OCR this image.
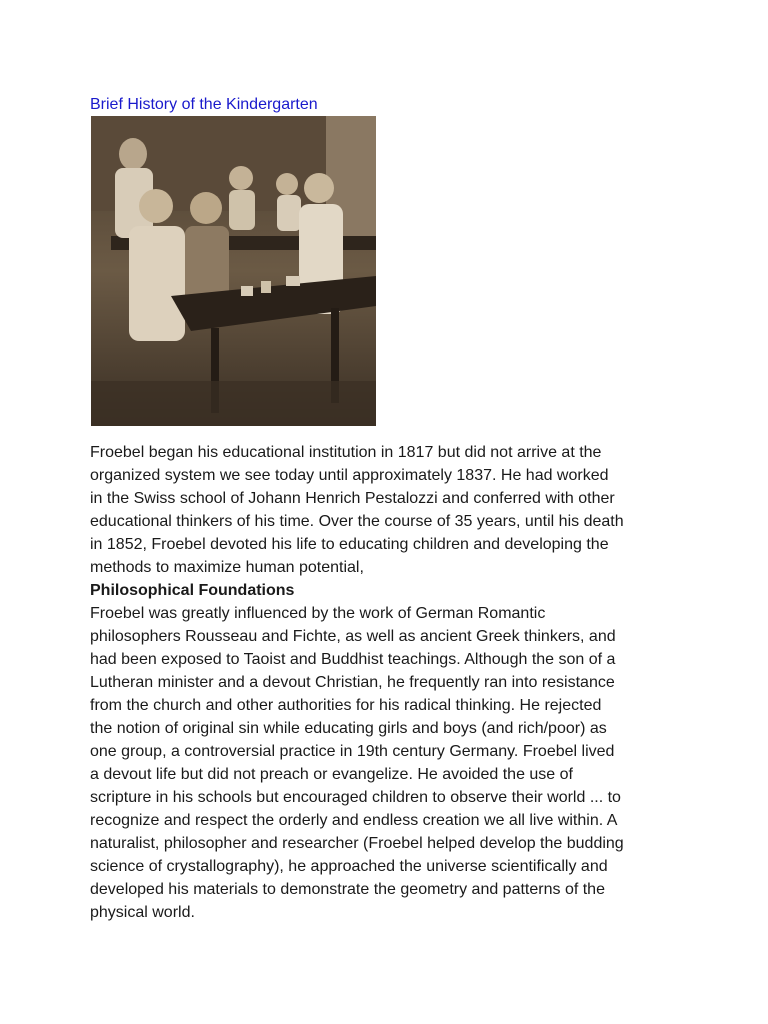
Brief History of the Kindergarten

Froebel began his educational institution in 1817 but did not arrive at the

organized system we see today until approximately 1837. He had worked

in the Swiss school of Johann Henrich Pestalozzi and conferred with other

educational thinkers of his time. Over the course of 35 years, until his death

in 1852, Froebel devoted his life to educating children and developing the

methods to maximize human potential,

Philosophical Foundations

Froebel was greatly influenced by the work of German Romantic

philosophers Rousseau and Fichte, as well as ancient Greek thinkers, and

had been exposed to Taoist and Buddhist teachings. Although the son of a

Lutheran minister and a devout Christian, he frequently ran into resistance

from the church and other authorities for his radical thinking. He rejected

the notion of original sin while educating girls and boys (and rich/poor) as

one group, a controversial practice in 19th century Germany. Froebel lived

a devout life but did not preach or evangelize. He avoided the use of

scripture in his schools but encouraged children to observe their world ... to

recognize and respect the orderly and endless creation we all live within. A

naturalist, philosopher and researcher (Froebel helped develop the budding

science of crystallography), he approached the universe scientifically and

developed his materials to demonstrate the geometry and patterns of the

physical world.
